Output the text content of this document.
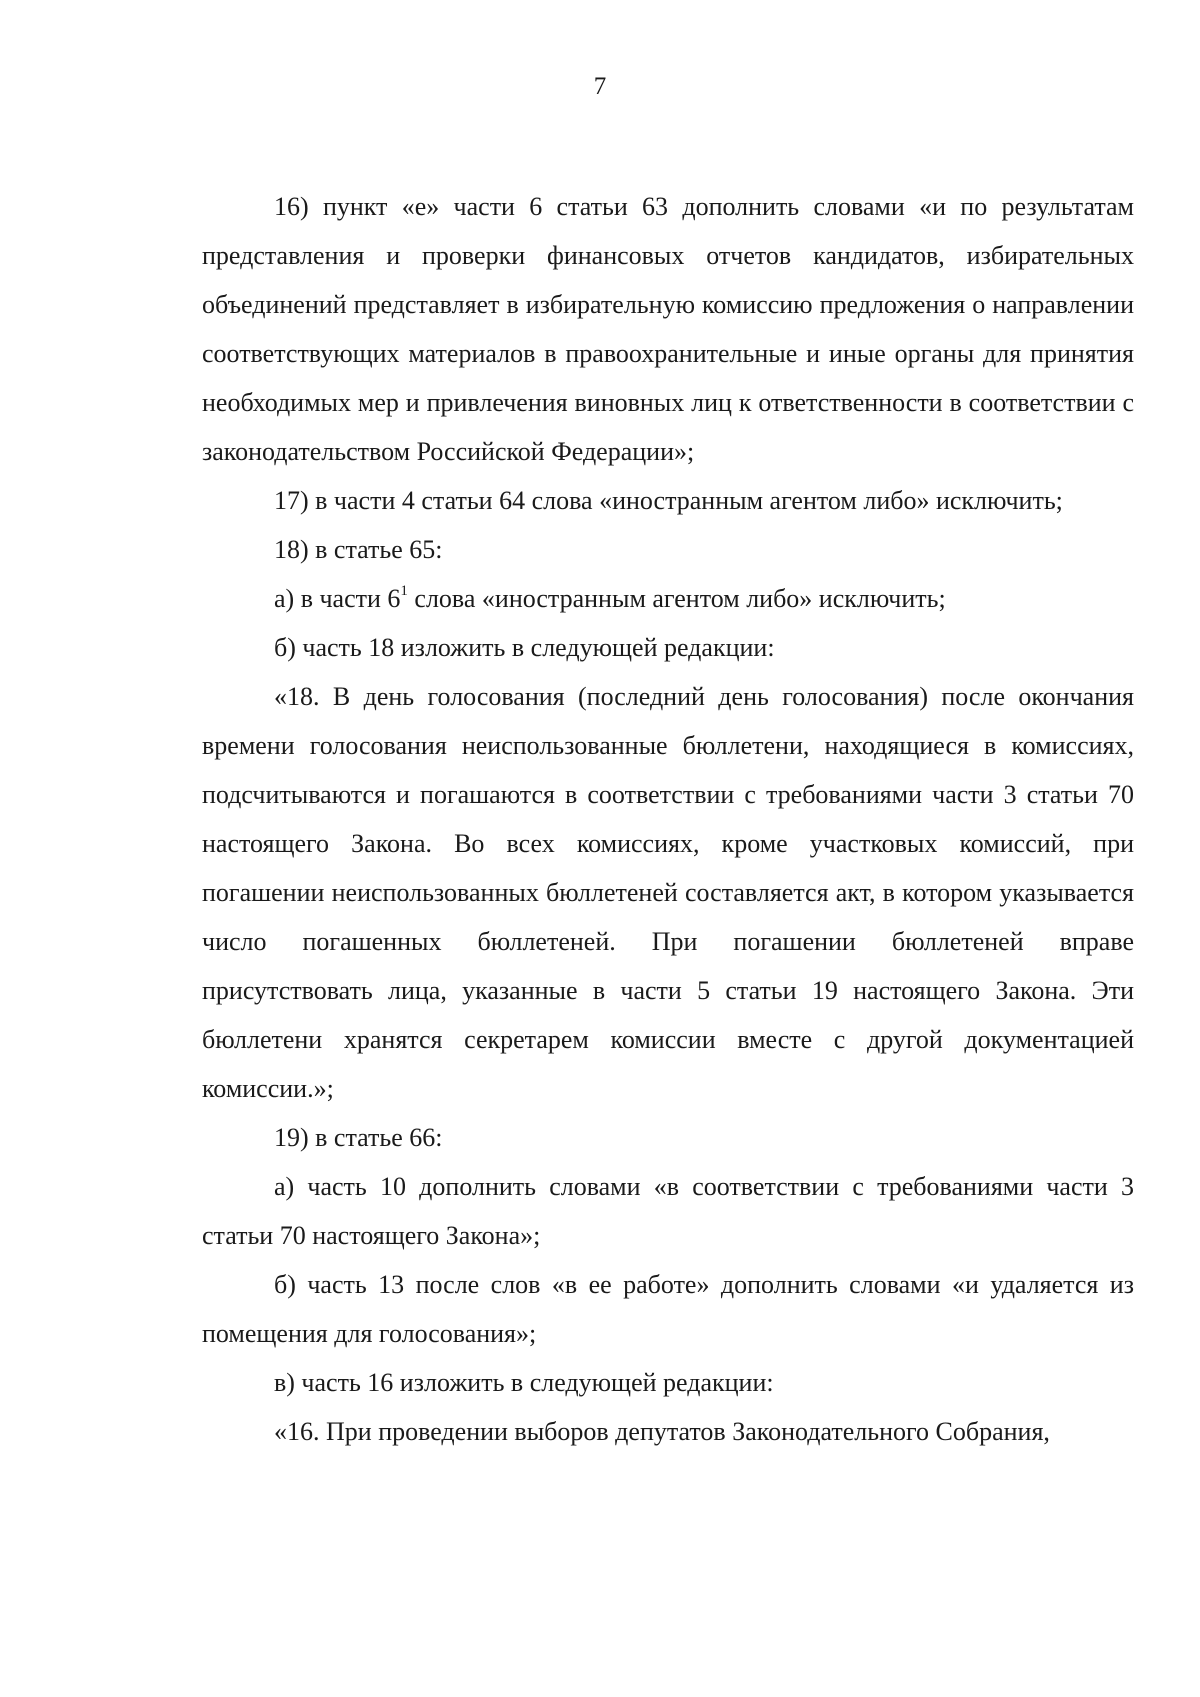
7

16) пункт «е» части 6 статьи 63 дополнить словами «и по результатам представления и проверки финансовых отчетов кандидатов, избирательных объединений представляет в избирательную комиссию предложения о направлении соответствующих материалов в правоохранительные и иные органы для принятия необходимых мер и привлечения виновных лиц к ответственности в соответствии с законодательством Российской Федерации»;

17) в части 4 статьи 64 слова «иностранным агентом либо» исключить;

18) в статье 65:

а) в части $6^1$ слова «иностранным агентом либо» исключить;

б) часть 18 изложить в следующей редакции:

«18. В день голосования (последний день голосования) после окончания времени голосования неиспользованные бюллетени, находящиеся в комиссиях, подсчитываются и погашаются в соответствии с требованиями части 3 статьи 70 настоящего Закона. Во всех комиссиях, кроме участковых комиссий, при погашении неиспользованных бюллетеней составляется акт, в котором указывается число погашенных бюллетеней. При погашении бюллетеней вправе присутствовать лица, указанные в части 5 статьи 19 настоящего Закона. Эти бюллетени хранятся секретарем комиссии вместе с другой документацией комиссии.»;

19) в статье 66:

а) часть 10 дополнить словами «в соответствии с требованиями части 3 статьи 70 настоящего Закона»;

б) часть 13 после слов «в ее работе» дополнить словами «и удаляется из помещения для голосования»;

в) часть 16 изложить в следующей редакции:

«16. При проведении выборов депутатов Законодательного Собрания,
